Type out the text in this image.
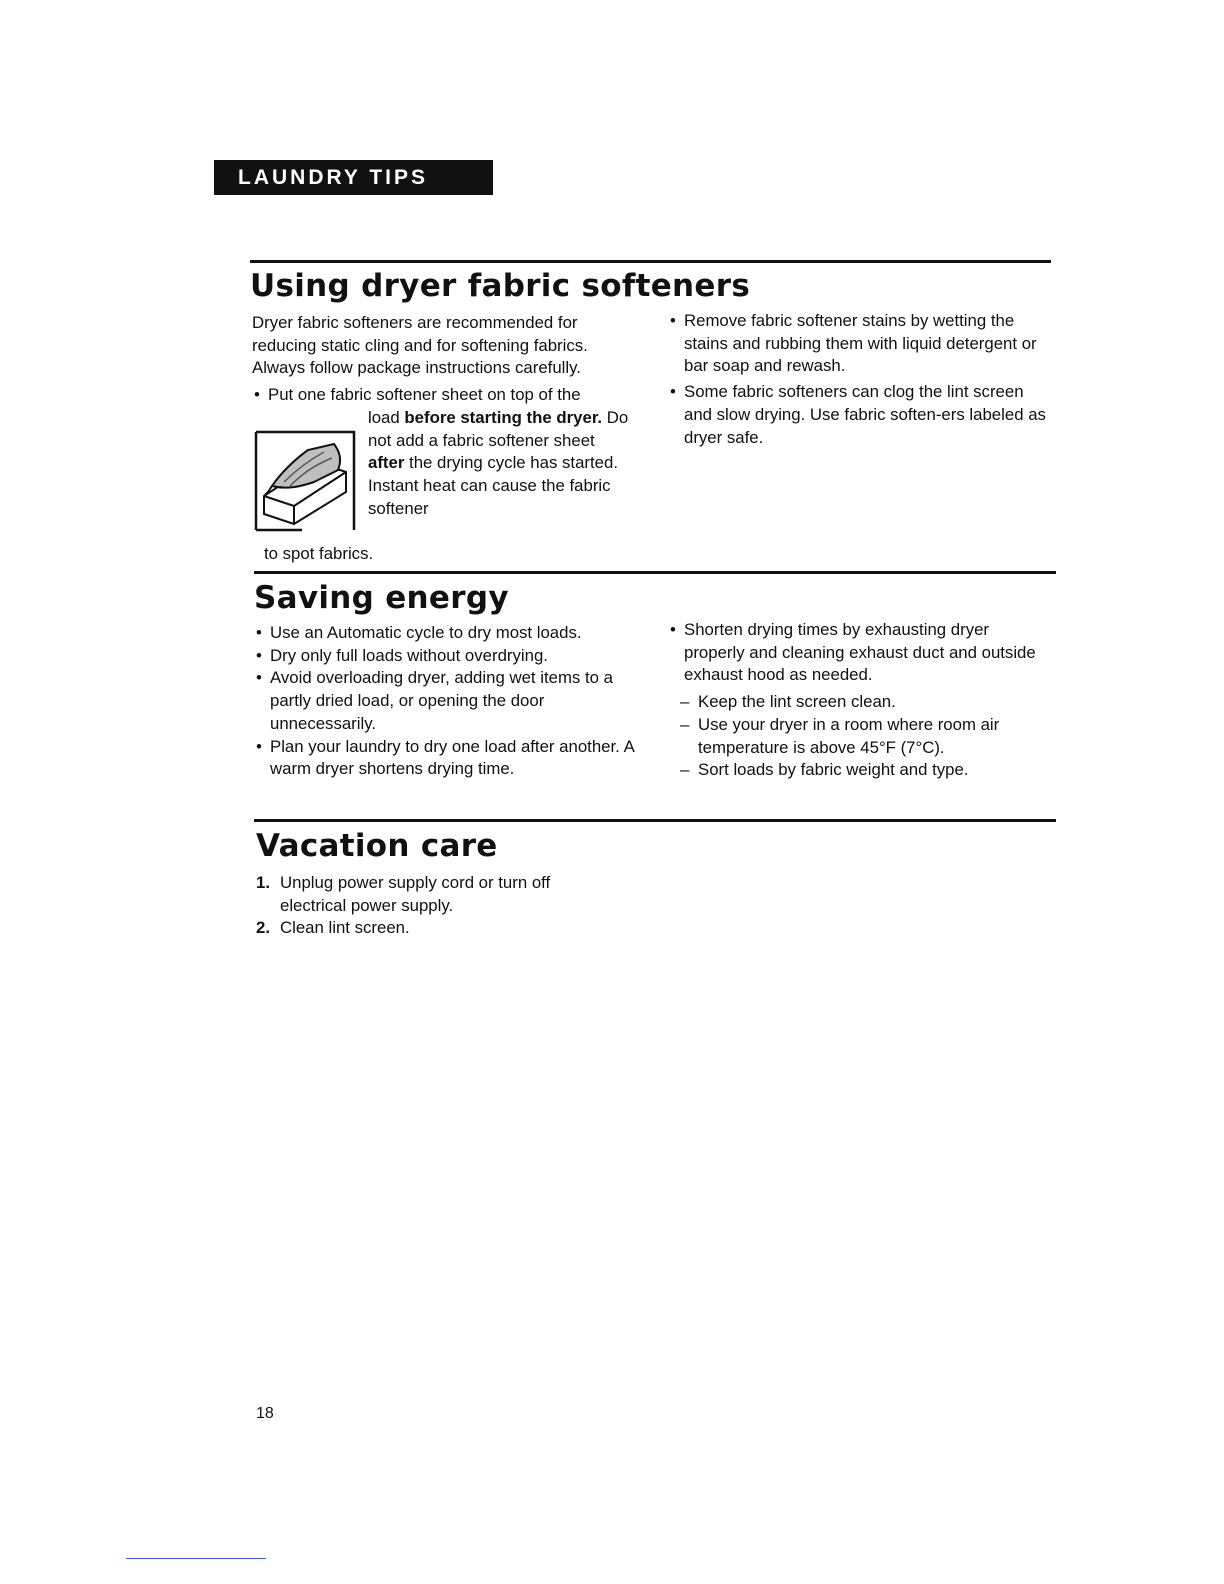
LAUNDRY TIPS
Using dryer fabric softeners

Dryer fabric softeners are recommended for reducing static cling and for softening fabrics. Always follow package instructions carefully.

• Put one fabric softener sheet on top of the

load before starting the dryer. Do not add a fabric softener sheet after the drying cycle has started. Instant heat can cause the fabric softener

to spot fabrics.

• Remove fabric softener stains by wetting the stains and rubbing them with liquid detergent or bar soap and rewash.

• Some fabric softeners can clog the lint screen and slow drying. Use fabric soften-ers labeled as dryer safe.

Saving energy

• Use an Automatic cycle to dry most loads.

• Dry only full loads without overdrying.

• Avoid overloading dryer, adding wet items to a partly dried load, or opening the door unnecessarily.

• Plan your laundry to dry one load after another. A warm dryer shortens drying time.

• Shorten drying times by exhausting dryer properly and cleaning exhaust duct and outside exhaust hood as needed.

– Keep the lint screen clean.

– Use your dryer in a room where room air temperature is above 45°F (7°C).

– Sort loads by fabric weight and type.

Vacation care

1. Unplug power supply cord or turn off electrical power supply.

2. Clean lint screen.

18
